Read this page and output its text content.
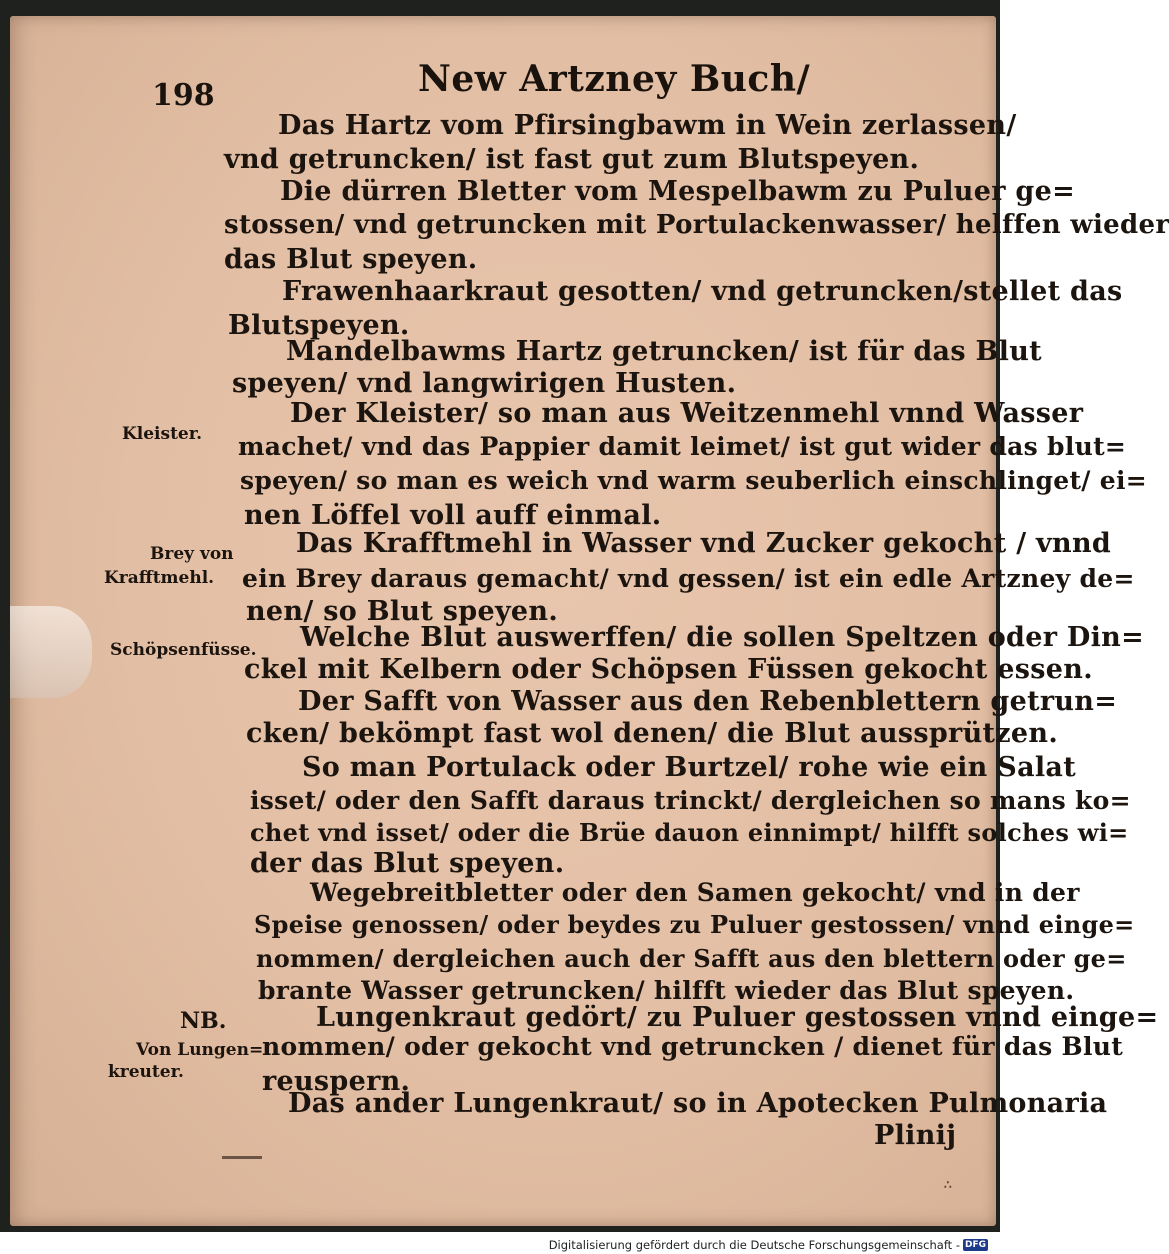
198	New Artzney Buch/
Das Hartz vom Pfirsingbawm in Wein zerlassen/
vnd getruncken/ ist fast gut zum Blutspeyen.
Die dürren Bletter vom Mespelbawm zu Puluer ge=
stossen/ vnd getruncken mit Portulackenwasser/ helffen wieder
das Blut speyen.
Frawenhaarkraut gesotten/ vnd getruncken/stellet das
Blutspeyen.
Mandelbawms Hartz getruncken/ ist für das Blut
speyen/ vnd langwirigen Husten.
Der Kleister/ so man aus Weitzenmehl vnnd Wasser
machet/ vnd das Pappier damit leimet/ ist gut wider das blut=
speyen/ so man es weich vnd warm seuberlich einschlinget/ ei=
nen Löffel voll auff einmal.
Das Krafftmehl in Wasser vnd Zucker gekocht / vnnd
ein Brey daraus gemacht/ vnd gessen/ ist ein edle Artzney de=
nen/ so Blut speyen.
Welche Blut auswerffen/ die sollen Speltzen oder Din=
ckel mit Kelbern oder Schöpsen Füssen gekocht essen.
Der Safft von Wasser aus den Rebenblettern getrun=
cken/ bekömpt fast wol denen/ die Blut aussprützen.
So man Portulack oder Burtzel/ rohe wie ein Salat
isset/ oder den Safft daraus trinckt/ dergleichen so mans ko=
chet vnd isset/ oder die Brüe dauon einnimpt/ hilfft solches wi=
der das Blut speyen.
Wegebreitbletter oder den Samen gekocht/ vnd in der
Speise genossen/ oder beydes zu Puluer gestossen/ vnnd einge=
nommen/ dergleichen auch der Safft aus den blettern oder ge=
brante Wasser getruncken/ hilfft wieder das Blut speyen.
Lungenkraut gedört/ zu Puluer gestossen vnnd einge=
nommen/ oder gekocht vnd getruncken / dienet für das Blut
reuspern.
Das ander Lungenkraut/ so in Apotecken Pulmonaria
Plinij
Kleister.
Brey von
Krafftmehl.
Schöpsenfüsse.
NB.
Von Lungen=
kreuter.
∴
Digitalisierung gefördert durch die Deutsche Forschungsgemeinschaft - DFG
